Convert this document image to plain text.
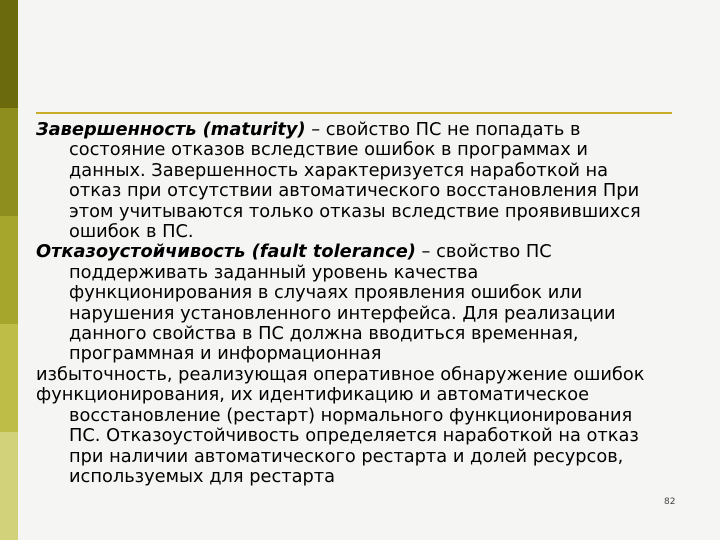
Завершенность (maturity) – свойство ПС не попадать в
состояние отказов вследствие ошибок в программах и
данных. Завершенность характеризуется наработкой на
отказ при отсутствии автоматического восстановления При
этом учитываются только отказы вследствие проявившихся
ошибок в ПС.
Отказоустойчивость (fault tolerance) – свойство ПС
поддерживать заданный уровень качества
функционирования в случаях проявления ошибок или
нарушения установленного интерфейса. Для реализации
данного свойства в ПС должна вводиться временная,
программная и информационная
избыточность, реализующая оперативное обнаружение ошибок
функционирования, их идентификацию и автоматическое
восстановление (рестарт) нормального функционирования
ПС. Отказоустойчивость определяется наработкой на отказ
при наличии автоматического рестарта и долей ресурсов,
используемых для рестарта
82
